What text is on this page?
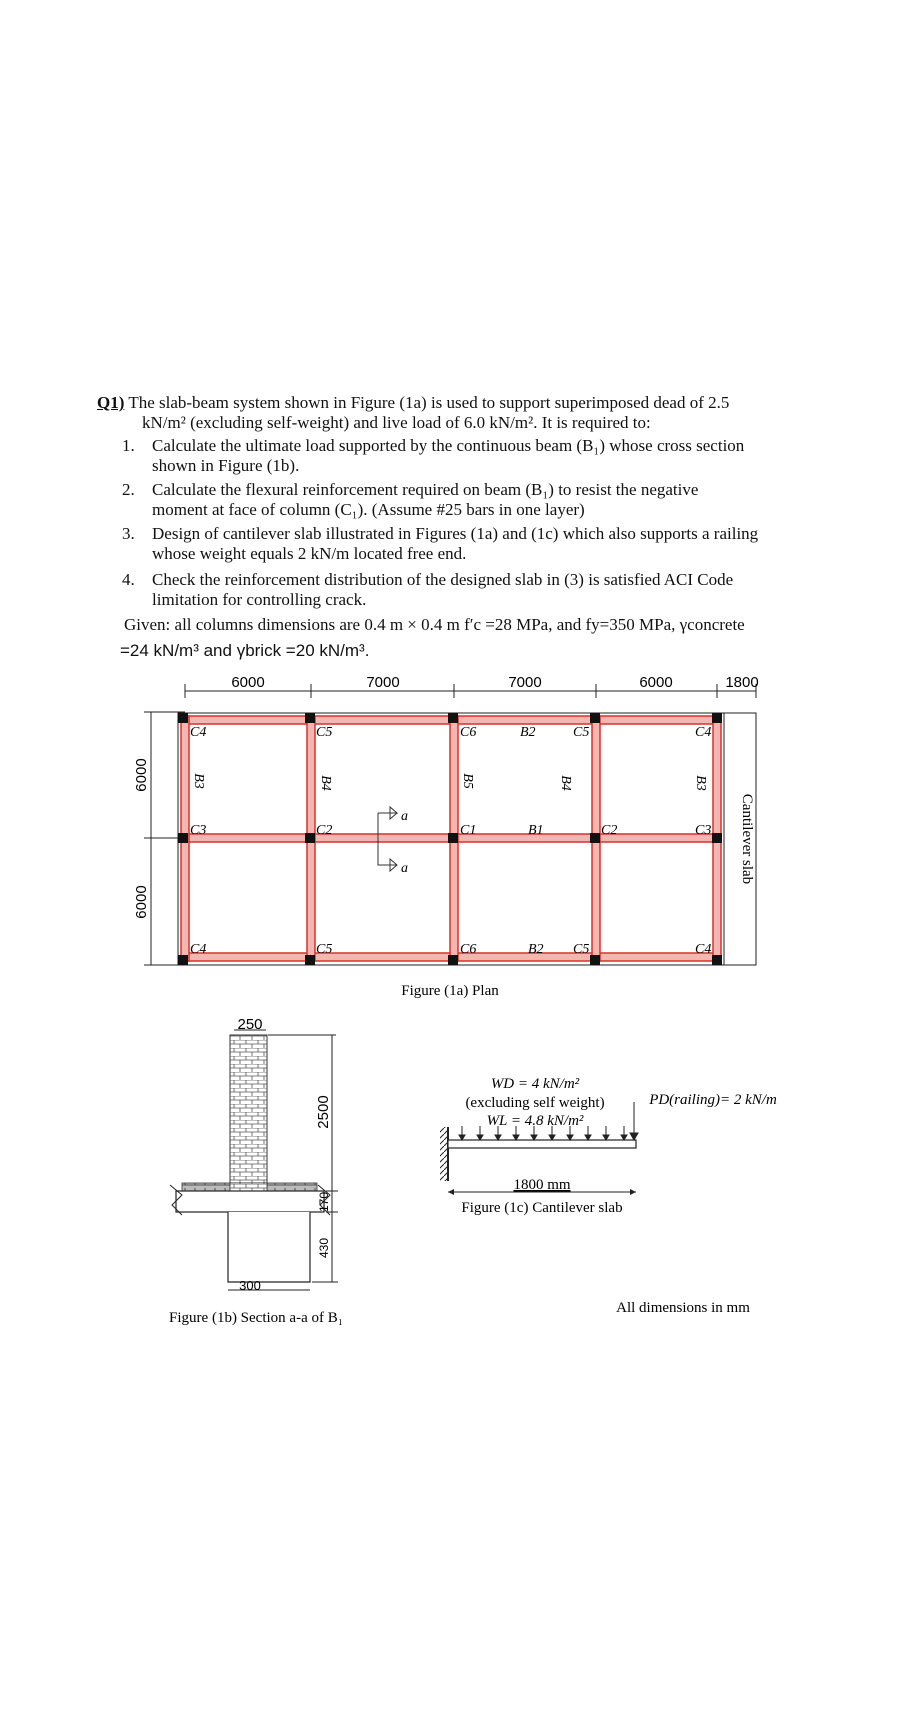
Q1) The slab-beam system shown in Figure (1a) is used to support superimposed dead of 2.5
kN/m² (excluding self-weight) and live load of 6.0 kN/m². It is required to:
1. Calculate the ultimate load supported by the continuous beam (B₁) whose cross section
shown in Figure (1b).
2. Calculate the flexural reinforcement required on beam (B₁) to resist the negative
moment at face of column (C₁). (Assume #25 bars in one layer)
3. Design of cantilever slab illustrated in Figures (1a) and (1c) which also supports a railing
whose weight equals 2 kN/m located free end.
4. Check the reinforcement distribution of the designed slab in (3) is satisfied ACI Code
limitation for controlling crack.
Given: all columns dimensions are 0.4 m × 0.4 m f′c =28 MPa, and fy=350 MPa, γconcrete
=24 kN/m³ and γbrick =20 kN/m³.
6000	7000	7000	6000	1800
6000
6000
C4	C5	C6	B2	C5	C4
C3	C2	C1	B1	C2	C3
C4	C5	C6	B2 C5	C4
B3	B4	B5	B4	B3
a
a	Cantilever slab
Figure (1a) Plan
250
2500
170
430
300
Figure (1b) Section a-a of B₁
WD = 4 kN/m²
(excluding self weight)
WL = 4.8 kN/m²
PD(railing)= 2 kN/m
1800 mm
Figure (1c) Cantilever slab
All dimensions in mm
